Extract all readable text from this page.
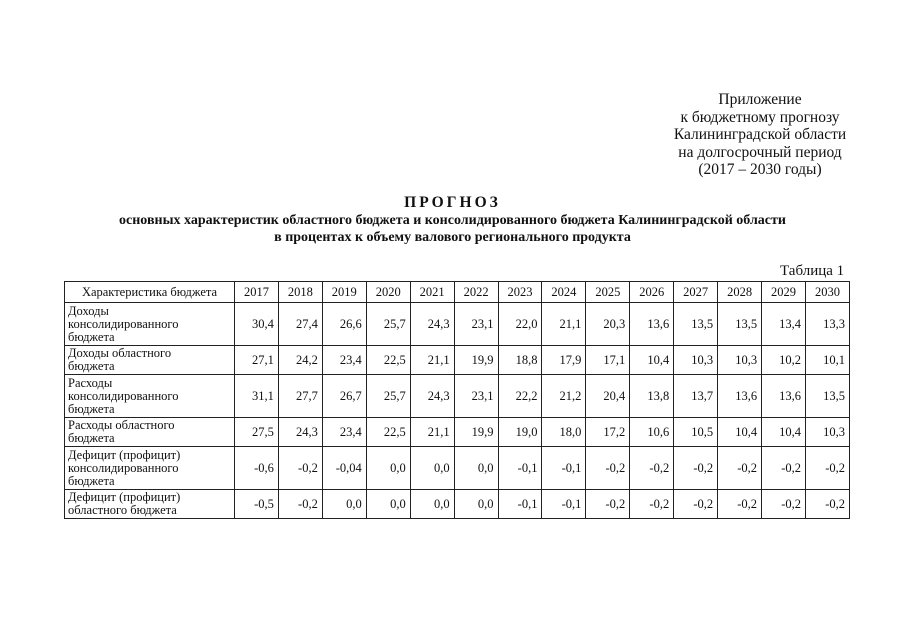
Приложение
к бюджетному прогнозу
Калининградской области
на долгосрочный период
(2017 – 2030 годы)
ПРОГНОЗ
основных характеристик областного бюджета и консолидированного бюджета Калининградской области
в процентах к объему валового регионального продукта
Таблица 1
Характеристика бюджета	2017	2018	2019	2020	2021	2022	2023	2024	2025	2026	2027	2028	2029	2030
Доходы
консолидированного
бюджета	30,4	27,4	26,6	25,7	24,3	23,1	22,0	21,1	20,3	13,6	13,5	13,5	13,4	13,3
Доходы областного
бюджета	27,1	24,2	23,4	22,5	21,1	19,9	18,8	17,9	17,1	10,4	10,3	10,3	10,2	10,1
Расходы
консолидированного
бюджета	31,1	27,7	26,7	25,7	24,3	23,1	22,2	21,2	20,4	13,8	13,7	13,6	13,6	13,5
Расходы областного
бюджета	27,5	24,3	23,4	22,5	21,1	19,9	19,0	18,0	17,2	10,6	10,5	10,4	10,4	10,3
Дефицит (профицит)
консолидированного
бюджета	-0,6	-0,2	-0,04	0,0	0,0	0,0	-0,1	-0,1	-0,2	-0,2	-0,2	-0,2	-0,2	-0,2
Дефицит (профицит)
областного бюджета	-0,5	-0,2	0,0	0,0	0,0	0,0	-0,1	-0,1	-0,2	-0,2	-0,2	-0,2	-0,2	-0,2
